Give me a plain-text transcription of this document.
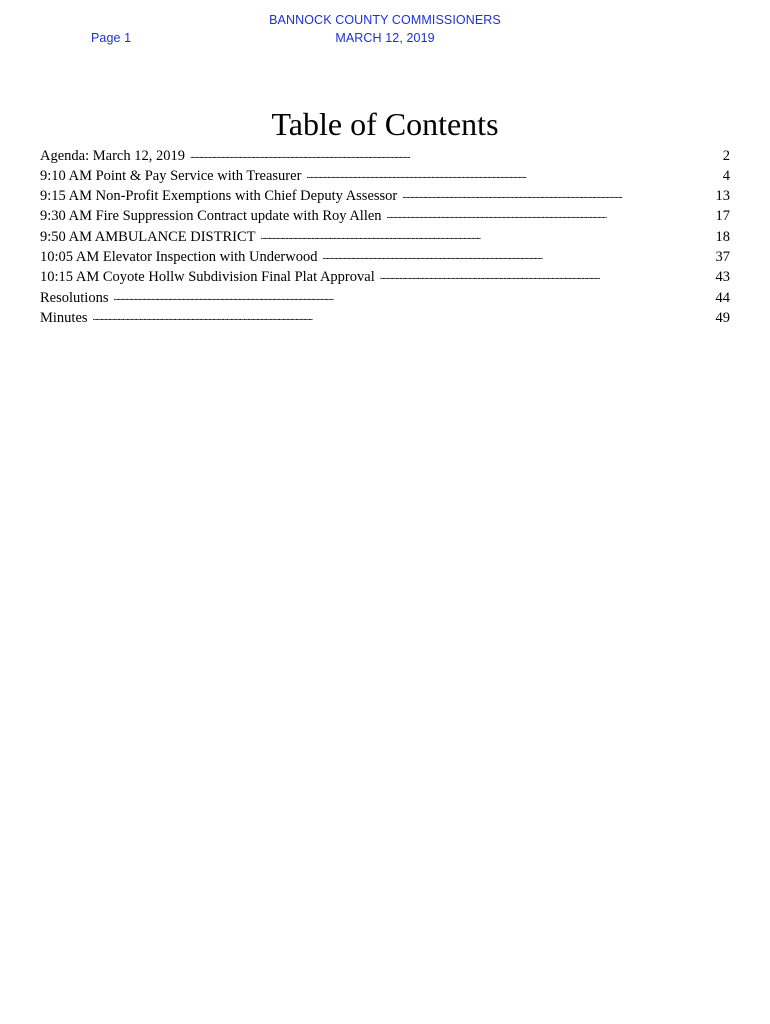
Page 1
BANNOCK COUNTY COMMISSIONERS
MARCH 12, 2019
Table of Contents
Agenda: March 12, 2019 . . .	2
9:10 AM Point & Pay Service with Treasurer . . .	4
9:15 AM Non-Profit Exemptions with Chief Deputy Assessor . . .	13
9:30 AM Fire Suppression Contract update with Roy Allen . . .	17
9:50 AM AMBULANCE DISTRICT . . .	18
10:05 AM Elevator Inspection with Underwood . . .	37
10:15 AM Coyote Hollw Subdivision Final Plat Approval . . .	43
Resolutions . . .	44
Minutes . . .	49
